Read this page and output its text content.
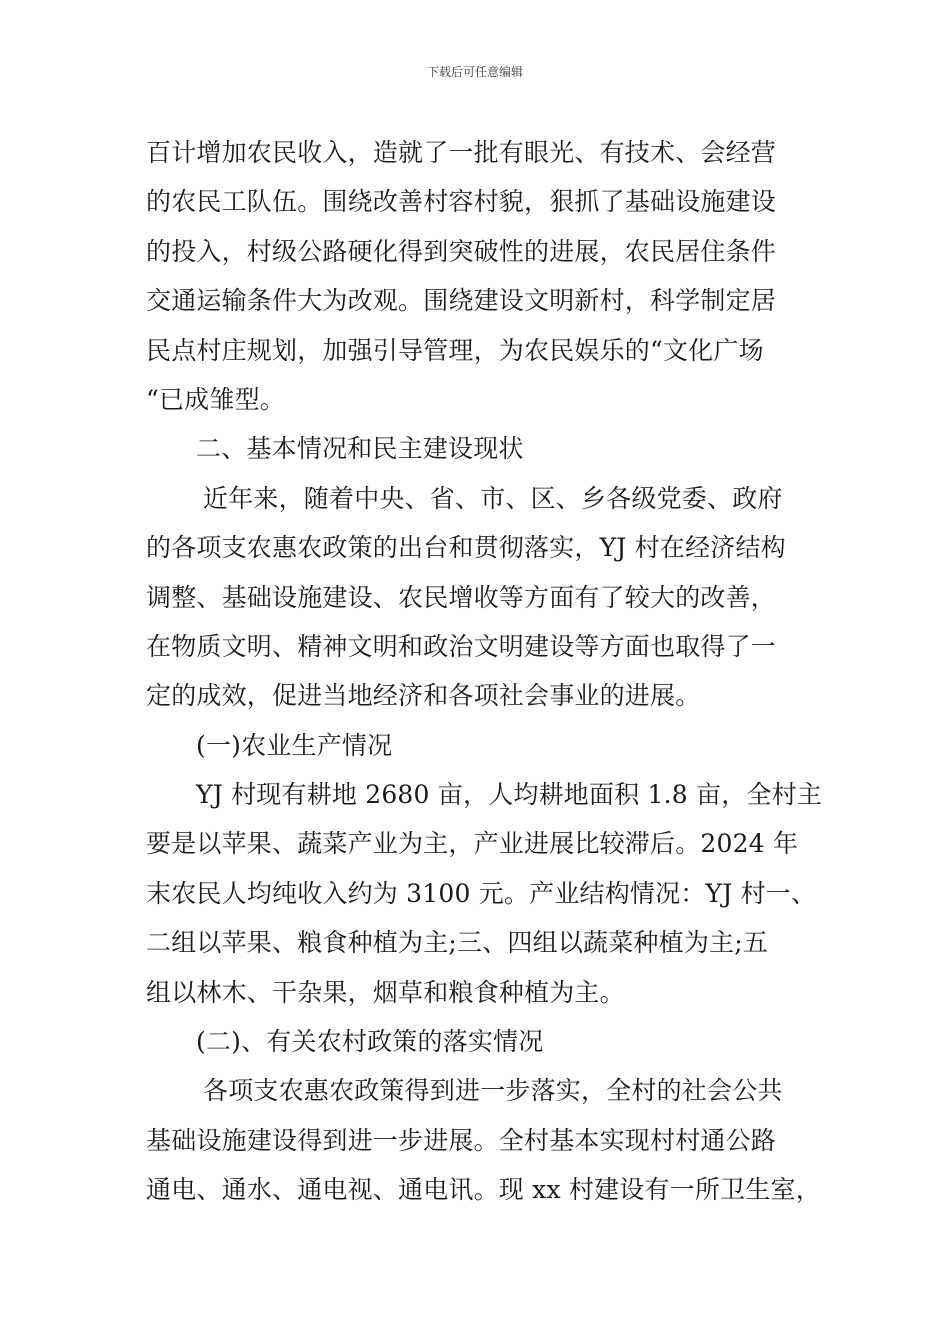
下载后可任意编辑
百计增加农民收入，造就了一批有眼光、有技术、会经营
的农民工队伍。围绕改善村容村貌，狠抓了基础设施建设
的投入，村级公路硬化得到突破性的进展，农民居住条件
交通运输条件大为改观。围绕建设文明新村，科学制定居
民点村庄规划，加强引导管理，为农民娱乐的“文化广场
“已成雏型。
二、基本情况和民主建设现状
近年来，随着中央、省、市、区、乡各级党委、政府
的各项支农惠农政策的出台和贯彻落实，YJ 村在经济结构
调整、基础设施建设、农民增收等方面有了较大的改善，
在物质文明、精神文明和政治文明建设等方面也取得了一
定的成效，促进当地经济和各项社会事业的进展。
(一)农业生产情况
YJ 村现有耕地 2680 亩，人均耕地面积 1.8 亩，全村主
要是以苹果、蔬菜产业为主，产业进展比较滞后。2024 年
末农民人均纯收入约为 3100 元。产业结构情况：YJ 村一、
二组以苹果、粮食种植为主;三、四组以蔬菜种植为主;五
组以林木、干杂果，烟草和粮食种植为主。
(二)、有关农村政策的落实情况
各项支农惠农政策得到进一步落实，全村的社会公共
基础设施建设得到进一步进展。全村基本实现村村通公路
通电、通水、通电视、通电讯。现 xx 村建设有一所卫生室，
